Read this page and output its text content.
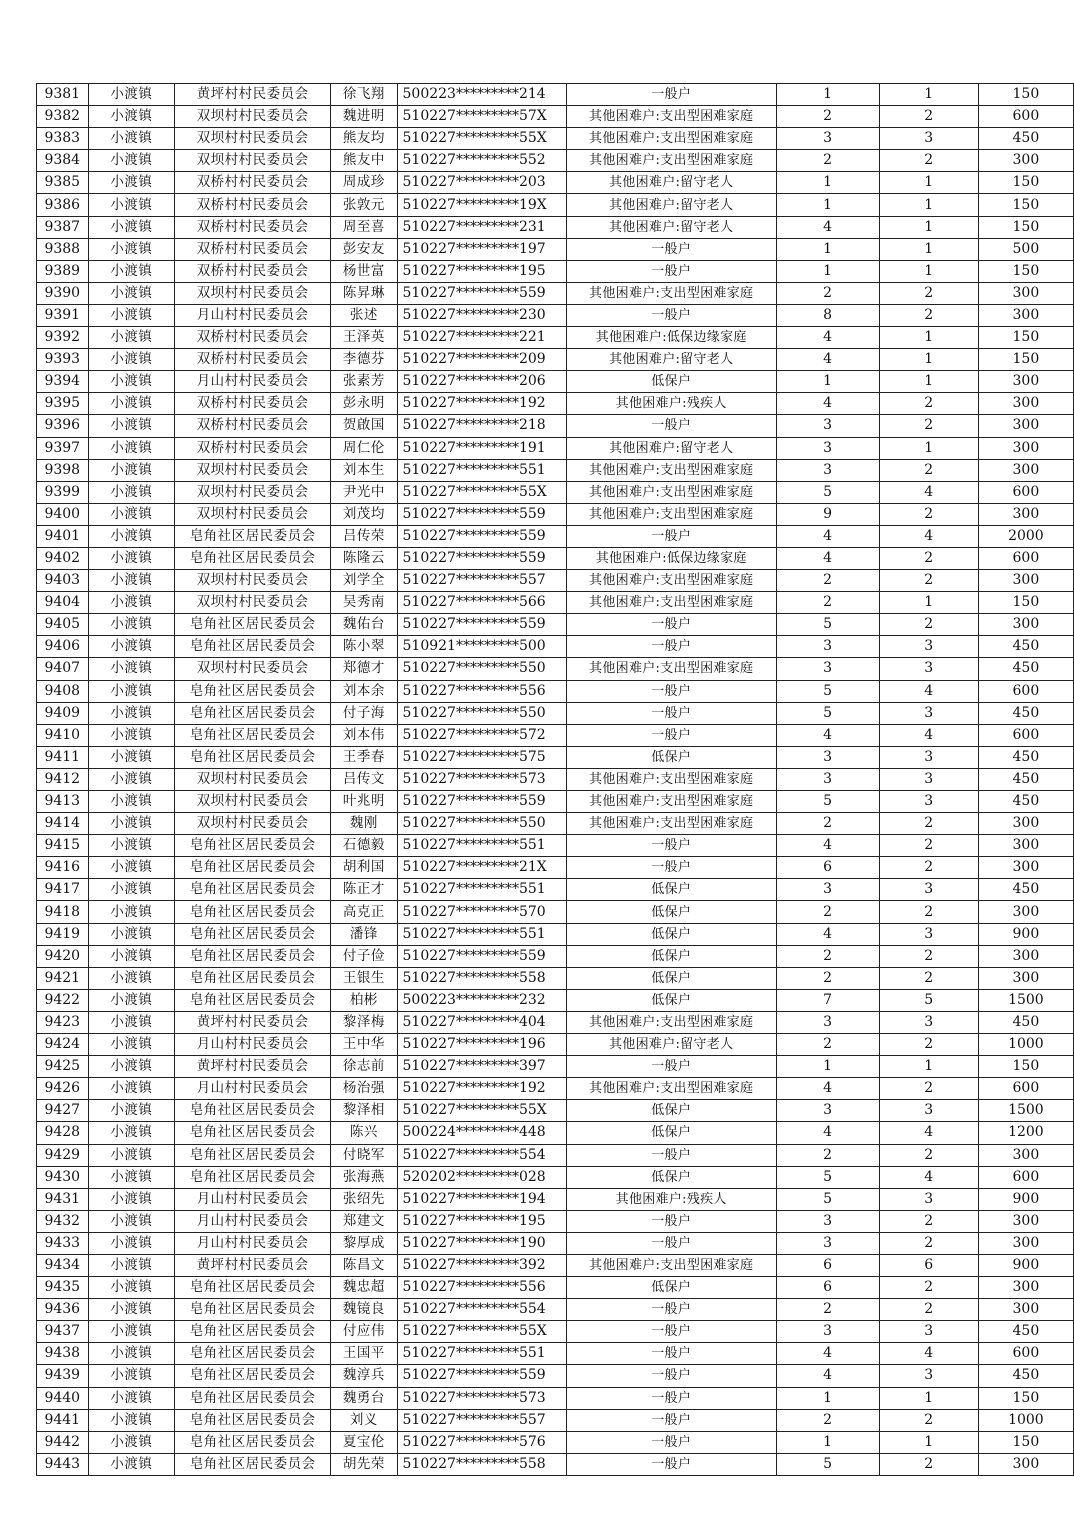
9381	小渡镇	黄坪村村民委员会	徐飞翔	500223*********214	一般户	1	1	150
9382	小渡镇	双坝村村民委员会	魏进明	510227*********57X	其他困难户:支出型困难家庭	2	2	600
9383	小渡镇	双坝村村民委员会	熊友均	510227*********55X	其他困难户:支出型困难家庭	3	3	450
9384	小渡镇	双坝村村民委员会	熊友中	510227*********552	其他困难户:支出型困难家庭	2	2	300
9385	小渡镇	双桥村村民委员会	周成珍	510227*********203	其他困难户:留守老人	1	1	150
9386	小渡镇	双桥村村民委员会	张敦元	510227*********19X	其他困难户:留守老人	1	1	150
9387	小渡镇	双桥村村民委员会	周至喜	510227*********231	其他困难户:留守老人	4	1	150
9388	小渡镇	双桥村村民委员会	彭安友	510227*********197	一般户	1	1	500
9389	小渡镇	双桥村村民委员会	杨世富	510227*********195	一般户	1	1	150
9390	小渡镇	双坝村村民委员会	陈昇琳	510227*********559	其他困难户:支出型困难家庭	2	2	300
9391	小渡镇	月山村村民委员会	张述	510227*********230	一般户	8	2	300
9392	小渡镇	双桥村村民委员会	王泽英	510227*********221	其他困难户:低保边缘家庭	4	1	150
9393	小渡镇	双桥村村民委员会	李德芬	510227*********209	其他困难户:留守老人	4	1	150
9394	小渡镇	月山村村民委员会	张素芳	510227*********206	低保户	1	1	300
9395	小渡镇	双桥村村民委员会	彭永明	510227*********192	其他困难户:残疾人	4	2	300
9396	小渡镇	双桥村村民委员会	贺啟国	510227*********218	一般户	3	2	300
9397	小渡镇	双桥村村民委员会	周仁伦	510227*********191	其他困难户:留守老人	3	1	300
9398	小渡镇	双坝村村民委员会	刘本生	510227*********551	其他困难户:支出型困难家庭	3	2	300
9399	小渡镇	双坝村村民委员会	尹光中	510227*********55X	其他困难户:支出型困难家庭	5	4	600
9400	小渡镇	双坝村村民委员会	刘茂均	510227*********559	其他困难户:支出型困难家庭	9	2	300
9401	小渡镇	皂角社区居民委员会	吕传荣	510227*********559	一般户	4	4	2000
9402	小渡镇	皂角社区居民委员会	陈隆云	510227*********559	其他困难户:低保边缘家庭	4	2	600
9403	小渡镇	双坝村村民委员会	刘学全	510227*********557	其他困难户:支出型困难家庭	2	2	300
9404	小渡镇	双坝村村民委员会	吴秀南	510227*********566	其他困难户:支出型困难家庭	2	1	150
9405	小渡镇	皂角社区居民委员会	魏佑台	510227*********559	一般户	5	2	300
9406	小渡镇	皂角社区居民委员会	陈小翠	510921*********500	一般户	3	3	450
9407	小渡镇	双坝村村民委员会	郑德才	510227*********550	其他困难户:支出型困难家庭	3	3	450
9408	小渡镇	皂角社区居民委员会	刘本余	510227*********556	一般户	5	4	600
9409	小渡镇	皂角社区居民委员会	付子海	510227*********550	一般户	5	3	450
9410	小渡镇	皂角社区居民委员会	刘本伟	510227*********572	一般户	4	4	600
9411	小渡镇	皂角社区居民委员会	王季春	510227*********575	低保户	3	3	450
9412	小渡镇	双坝村村民委员会	吕传文	510227*********573	其他困难户:支出型困难家庭	3	3	450
9413	小渡镇	双坝村村民委员会	叶兆明	510227*********559	其他困难户:支出型困难家庭	5	3	450
9414	小渡镇	双坝村村民委员会	魏刚	510227*********550	其他困难户:支出型困难家庭	2	2	300
9415	小渡镇	皂角社区居民委员会	石德毅	510227*********551	一般户	4	2	300
9416	小渡镇	皂角社区居民委员会	胡利国	510227*********21X	一般户	6	2	300
9417	小渡镇	皂角社区居民委员会	陈正才	510227*********551	低保户	3	3	450
9418	小渡镇	皂角社区居民委员会	高克正	510227*********570	低保户	2	2	300
9419	小渡镇	皂角社区居民委员会	潘锋	510227*********551	低保户	4	3	900
9420	小渡镇	皂角社区居民委员会	付子俭	510227*********559	低保户	2	2	300
9421	小渡镇	皂角社区居民委员会	王银生	510227*********558	低保户	2	2	300
9422	小渡镇	皂角社区居民委员会	柏彬	500223*********232	低保户	7	5	1500
9423	小渡镇	黄坪村村民委员会	黎泽梅	510227*********404	其他困难户:支出型困难家庭	3	3	450
9424	小渡镇	月山村村民委员会	王中华	510227*********196	其他困难户:留守老人	2	2	1000
9425	小渡镇	黄坪村村民委员会	徐志前	510227*********397	一般户	1	1	150
9426	小渡镇	月山村村民委员会	杨治强	510227*********192	其他困难户:支出型困难家庭	4	2	600
9427	小渡镇	皂角社区居民委员会	黎泽相	510227*********55X	低保户	3	3	1500
9428	小渡镇	皂角社区居民委员会	陈兴	500224*********448	低保户	4	4	1200
9429	小渡镇	皂角社区居民委员会	付晓军	510227*********554	一般户	2	2	300
9430	小渡镇	皂角社区居民委员会	张海燕	520202*********028	低保户	5	4	600
9431	小渡镇	月山村村民委员会	张绍先	510227*********194	其他困难户:残疾人	5	3	900
9432	小渡镇	月山村村民委员会	郑建文	510227*********195	一般户	3	2	300
9433	小渡镇	月山村村民委员会	黎厚成	510227*********190	一般户	3	2	300
9434	小渡镇	黄坪村村民委员会	陈昌文	510227*********392	其他困难户:支出型困难家庭	6	6	900
9435	小渡镇	皂角社区居民委员会	魏忠超	510227*********556	低保户	6	2	300
9436	小渡镇	皂角社区居民委员会	魏镜良	510227*********554	一般户	2	2	300
9437	小渡镇	皂角社区居民委员会	付应伟	510227*********55X	一般户	3	3	450
9438	小渡镇	皂角社区居民委员会	王国平	510227*********551	一般户	4	4	600
9439	小渡镇	皂角社区居民委员会	魏淳兵	510227*********559	一般户	4	3	450
9440	小渡镇	皂角社区居民委员会	魏勇台	510227*********573	一般户	1	1	150
9441	小渡镇	皂角社区居民委员会	刘义	510227*********557	一般户	2	2	1000
9442	小渡镇	皂角社区居民委员会	夏宝伦	510227*********576	一般户	1	1	150
9443	小渡镇	皂角社区居民委员会	胡先荣	510227*********558	一般户	5	2	300
